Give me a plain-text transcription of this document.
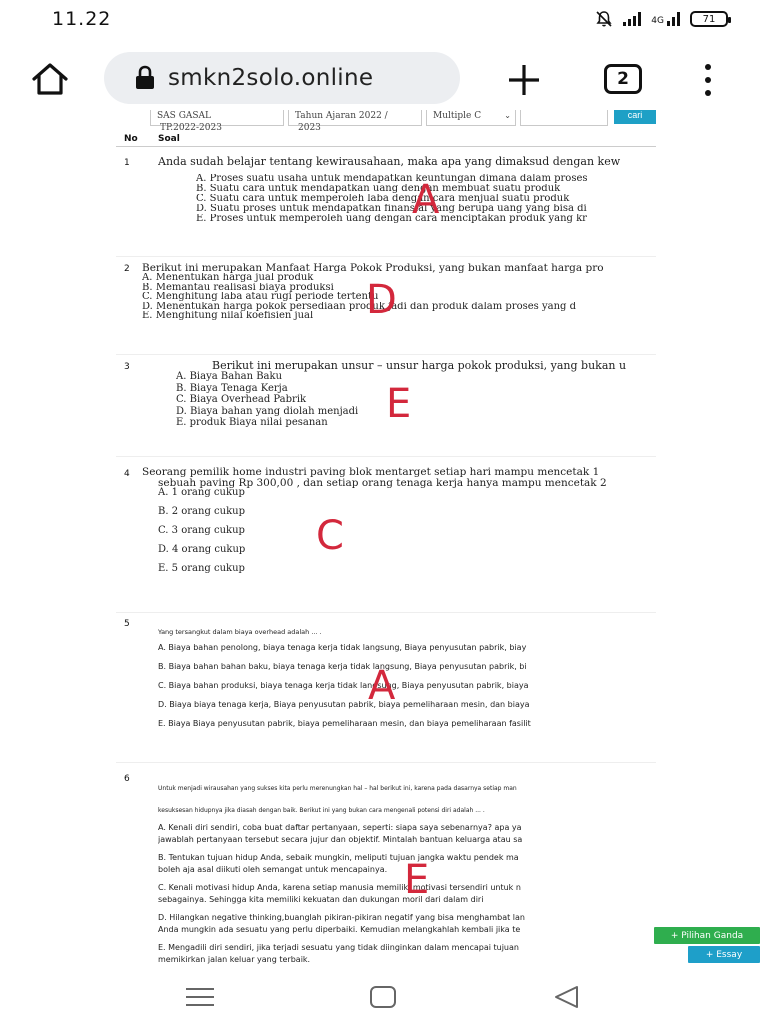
11.22	4G	71
smkn2solo.online	2
SAS GASAL
TP.2022-2023
Tahun Ajaran 2022 /
2023
Multiple C	⌄	cari
No Soal
1	Anda sudah belajar tentang kewirausahaan, maka apa yang dimaksud dengan kew
A. Proses suatu usaha untuk mendapatkan keuntungan dimana dalam proses
B. Suatu cara untuk mendapatkan uang dengan membuat suatu produk
C. Suatu cara untuk memperoleh laba dengan cara menjual suatu produk
D. Suatu proses untuk mendapatkan finansial yang berupa uang yang bisa di
E. Proses untuk memperoleh uang dengan cara menciptakan produk yang kr
A
2 Berikut ini merupakan Manfaat Harga Pokok Produksi, yang bukan manfaat harga pro
A. Menentukan harga jual produk
B. Memantau realisasi biaya produksi
C. Menghitung laba atau rugi periode tertentu
D. Menentukan harga pokok persediaan produk jadi dan produk dalam proses yang d
E. Menghitung nilai koefisien jual	D
3	Berikut ini merupakan unsur – unsur harga pokok produksi, yang bukan u
A. Biaya Bahan Baku
B. Biaya Tenaga Kerja
C. Biaya Overhead Pabrik
D. Biaya bahan yang diolah menjadi
E. produk Biaya nilai pesanan	E
4 Seorang pemilik home industri paving blok mentarget setiap hari mampu mencetak 1
sebuah paving Rp 300,00 , dan setiap orang tenaga kerja hanya mampu mencetak 2
A. 1 orang cukup
B. 2 orang cukup
C. 3 orang cukup
D. 4 orang cukup
E. 5 orang cukup
C
5
Yang tersangkut dalam biaya overhead adalah ... .
A. Biaya bahan penolong, biaya tenaga kerja tidak langsung, Biaya penyusutan pabrik, biay
B. Biaya bahan bahan baku, biaya tenaga kerja tidak langsung, Biaya penyusutan pabrik, bi
C. Biaya bahan produksi, biaya tenaga kerja tidak langsung, Biaya penyusutan pabrik, biaya
D. Biaya biaya tenaga kerja, Biaya penyusutan pabrik, biaya pemeliharaan mesin, dan biaya
E. Biaya Biaya penyusutan pabrik, biaya pemeliharaan mesin, dan biaya pemeliharaan fasilit
A
6
Untuk menjadi wirausahan yang sukses kita perlu merenungkan hal – hal berikut ini, karena pada dasarnya setiap man
kesuksesan hidupnya jika diasah dengan baik. Berikut ini yang bukan cara mengenali potensi diri adalah ... .
A. Kenali diri sendiri, coba buat daftar pertanyaan, seperti: siapa saya sebenarnya? apa ya
jawablah pertanyaan tersebut secara jujur dan objektif. Mintalah bantuan keluarga atau sa
B. Tentukan tujuan hidup Anda, sebaik mungkin, meliputi tujuan jangka waktu pendek ma
boleh aja asal diikuti oleh semangat untuk mencapainya.
C. Kenali motivasi hidup Anda, karena setiap manusia memiliki motivasi tersendiri untuk n
sebagainya. Sehingga kita memiliki kekuatan dan dukungan moril dari dalam diri
D. Hilangkan negative thinking,buanglah pikiran-pikiran negatif yang bisa menghambat lan
Anda mungkin ada sesuatu yang perlu diperbaiki. Kemudian melangkahlah kembali jika te
E. Mengadili diri sendiri, jika terjadi sesuatu yang tidak diinginkan dalam mencapai tujuan
memikirkan jalan keluar yang terbaik.
E
+ Pilihan Ganda
+ Essay
